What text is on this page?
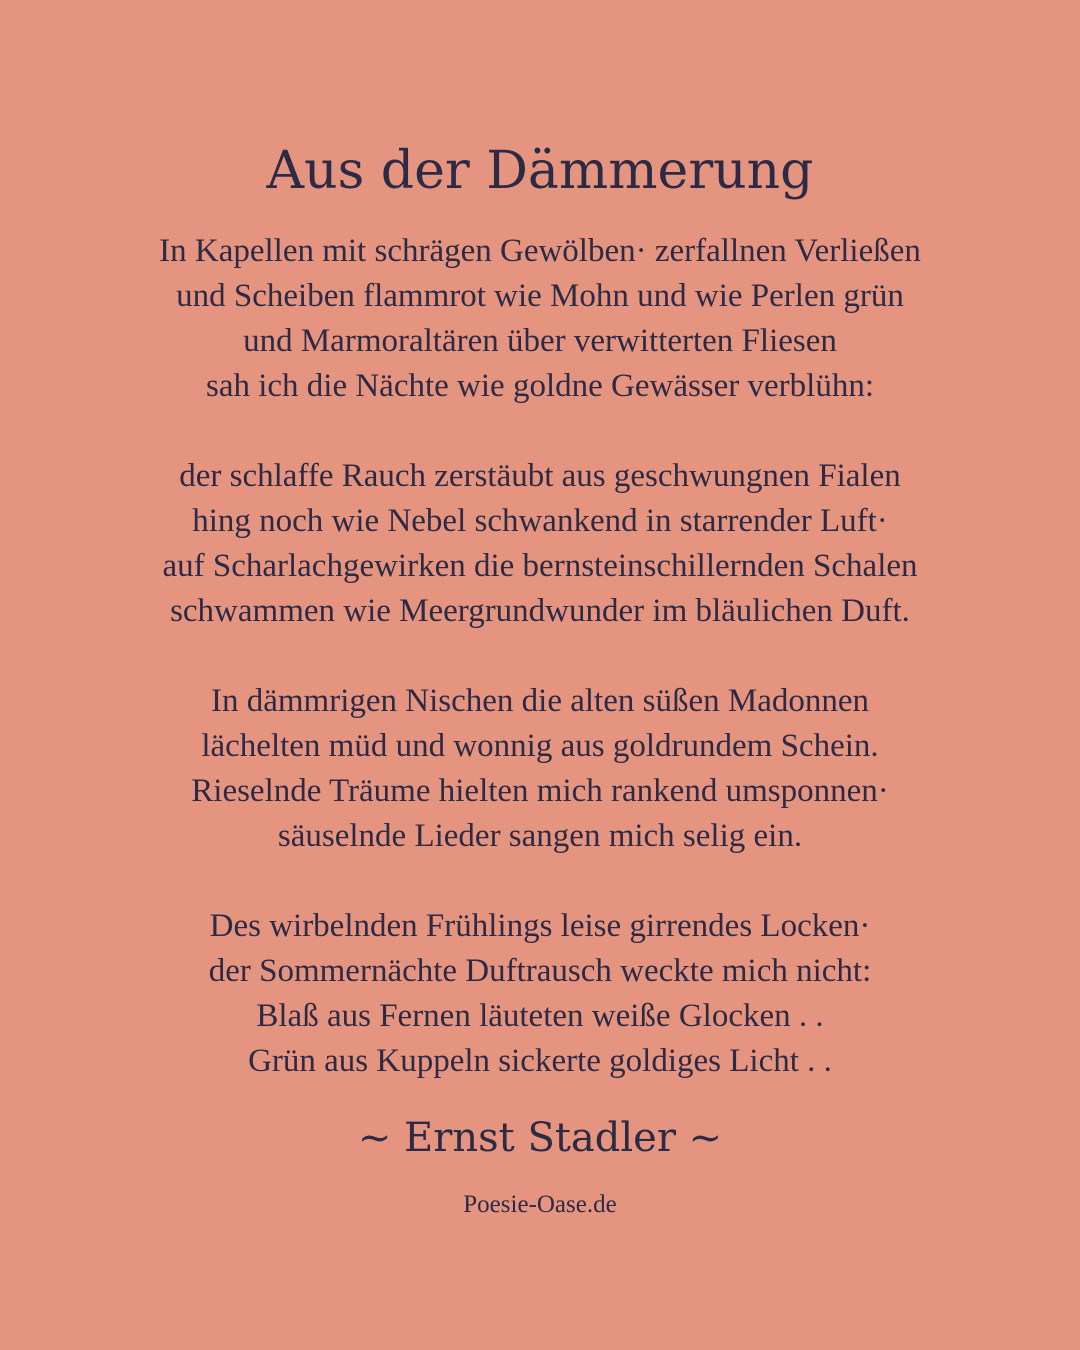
Aus der Dämmerung
In Kapellen mit schrägen Gewölben· zerfallnen Verließen
und Scheiben flammrot wie Mohn und wie Perlen grün
und Marmoraltären über verwitterten Fliesen
sah ich die Nächte wie goldne Gewässer verblühn:
der schlaffe Rauch zerstäubt aus geschwungnen Fialen
hing noch wie Nebel schwankend in starrender Luft·
auf Scharlachgewirken die bernsteinschillernden Schalen
schwammen wie Meergrundwunder im bläulichen Duft.
In dämmrigen Nischen die alten süßen Madonnen
lächelten müd und wonnig aus goldrundem Schein.
Rieselnde Träume hielten mich rankend umsponnen·
säuselnde Lieder sangen mich selig ein.
Des wirbelnden Frühlings leise girrendes Locken·
der Sommernächte Duftrausch weckte mich nicht:
Blaß aus Fernen läuteten weiße Glocken . .
Grün aus Kuppeln sickerte goldiges Licht . .
~ Ernst Stadler ~
Poesie-Oase.de
